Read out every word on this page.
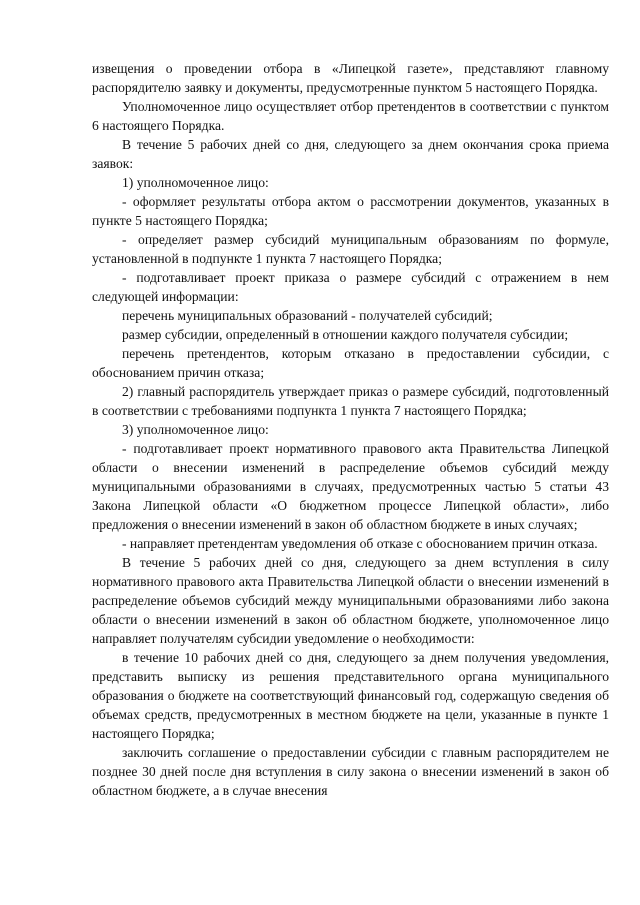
извещения о проведении отбора в «Липецкой газете», представляют главному распорядителю заявку и документы, предусмотренные пунктом 5 настоящего Порядка.

Уполномоченное лицо осуществляет отбор претендентов в соответствии с пунктом 6 настоящего Порядка.

В течение 5 рабочих дней со дня, следующего за днем окончания срока приема заявок:

1) уполномоченное лицо:

- оформляет результаты отбора актом о рассмотрении документов, указанных в пункте 5 настоящего Порядка;

- определяет размер субсидий муниципальным образованиям по формуле, установленной в подпункте 1 пункта 7 настоящего Порядка;

- подготавливает проект приказа о размере субсидий с отражением в нем следующей информации:

перечень муниципальных образований - получателей субсидий;

размер субсидии, определенный в отношении каждого получателя субсидии;

перечень претендентов, которым отказано в предоставлении субсидии, с обоснованием причин отказа;

2) главный распорядитель утверждает приказ о размере субсидий, подготовленный в соответствии с требованиями подпункта 1 пункта 7 настоящего Порядка;

3) уполномоченное лицо:

- подготавливает проект нормативного правового акта Правительства Липецкой области о внесении изменений в распределение объемов субсидий между муниципальными образованиями в случаях, предусмотренных частью 5 статьи 43 Закона Липецкой области «О бюджетном процессе Липецкой области», либо предложения о внесении изменений в закон об областном бюджете в иных случаях;

- направляет претендентам уведомления об отказе с обоснованием причин отказа.

В течение 5 рабочих дней со дня, следующего за днем вступления в силу нормативного правового акта Правительства Липецкой области о внесении изменений в распределение объемов субсидий между муниципальными образованиями либо закона области о внесении изменений в закон об областном бюджете, уполномоченное лицо направляет получателям субсидии уведомление о необходимости:

в течение 10 рабочих дней со дня, следующего за днем получения уведомления, представить выписку из решения представительного органа муниципального образования о бюджете на соответствующий финансовый год, содержащую сведения об объемах средств, предусмотренных в местном бюджете на цели, указанные в пункте 1 настоящего Порядка;

заключить соглашение о предоставлении субсидии с главным распорядителем не позднее 30 дней после дня вступления в силу закона о внесении изменений в закон об областном бюджете, а в случае внесения
